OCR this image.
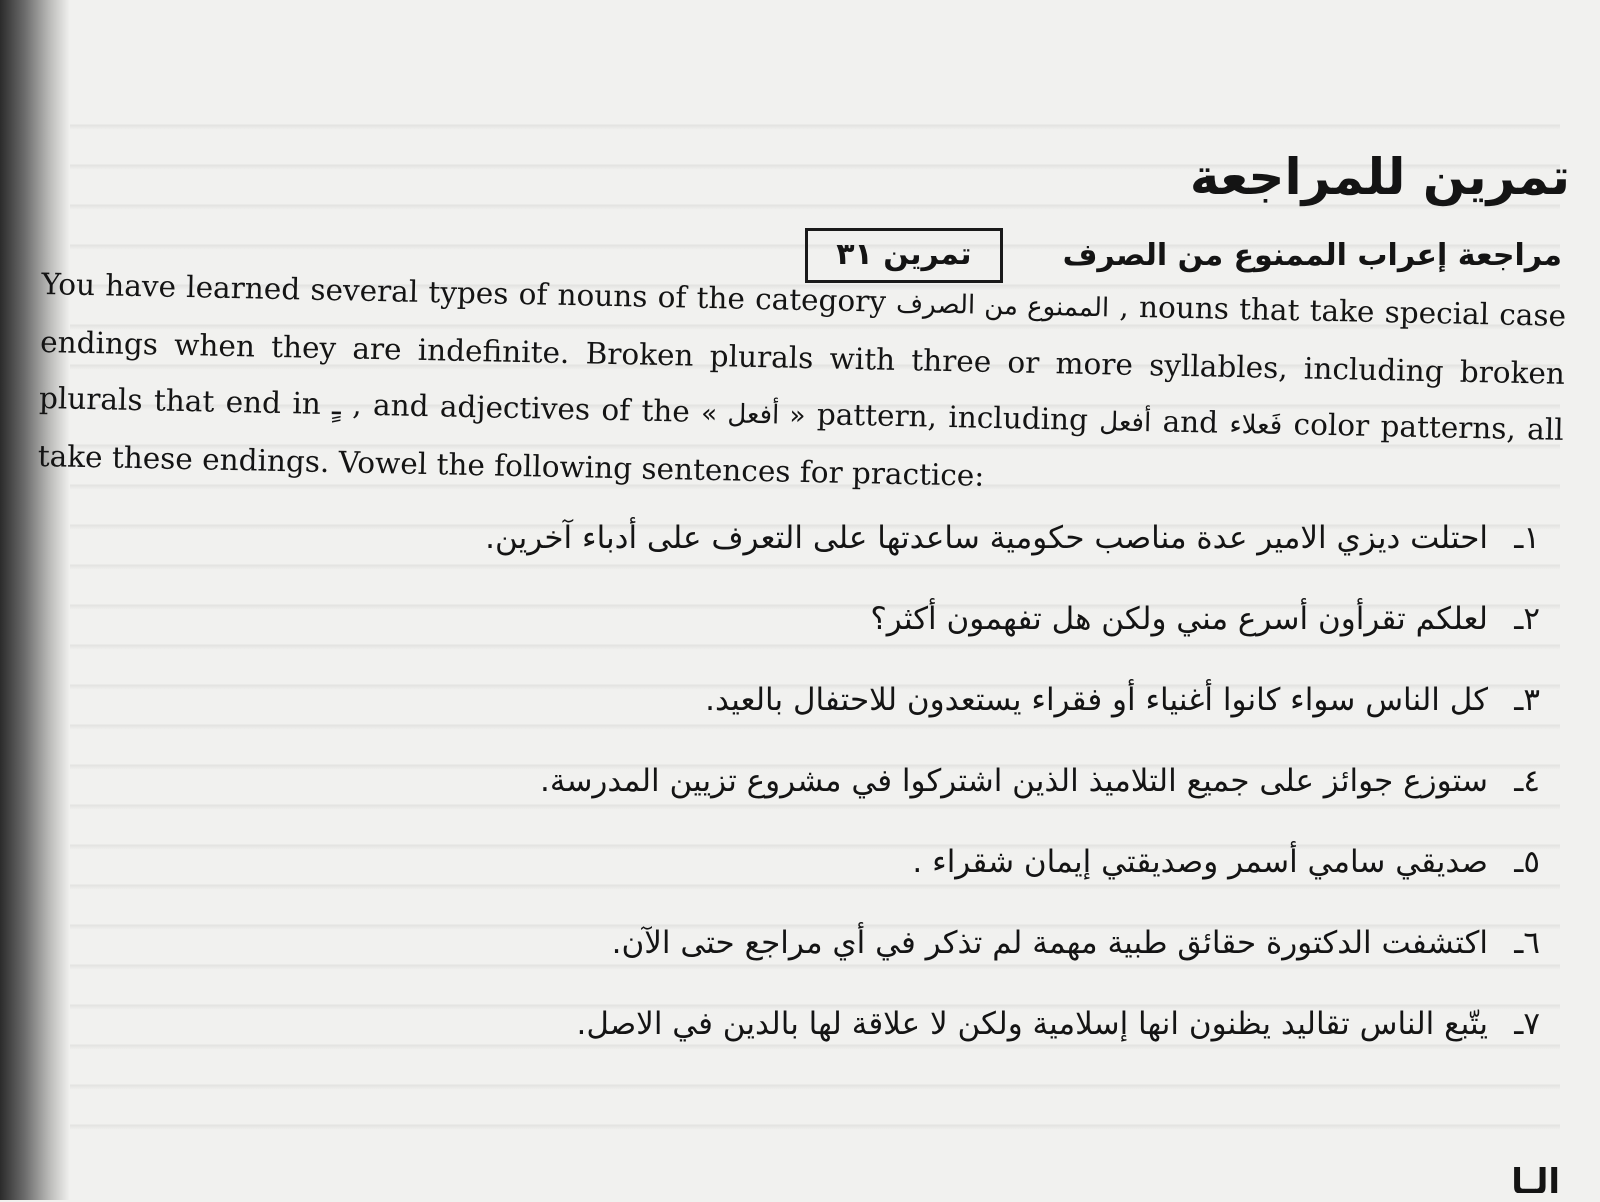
تمرين للمراجعة
تمرين ٣١	مراجعة إعراب الممنوع من الصرف

You have learned several types of nouns of the category الممنوع من الصرف , nouns that take special case endings when they are indefinite. Broken plurals with three or more syllables, including broken plurals that end in ـٍ , and adjectives of the « أفعل » pattern, including أفعل and فَعلاء color patterns, all take these endings. Vowel the following sentences for practice:

١ـ
احتلت ديزي الامير عدة مناصب حكومية ساعدتها على التعرف على أدباء آخرين.
٢ـ
لعلكم تقرأون أسرع مني ولكن هل تفهمون أكثر؟
٣ـ
كل الناس سواء كانوا أغنياء أو فقراء يستعدون للاحتفال بالعيد.
٤ـ
ستوزع جوائز على جميع التلاميذ الذين اشتركوا في مشروع تزيين المدرسة.
٥ـ
صديقي سامي أسمر وصديقتي إيمان شقراء .
٦ـ
اكتشفت الدكتورة حقائق طبية مهمة لم تذكر في أي مراجع حتى الآن.
٧ـ
يتّبع الناس تقاليد يظنون انها إسلامية ولكن لا علاقة لها بالدين في الاصل.
الـا
